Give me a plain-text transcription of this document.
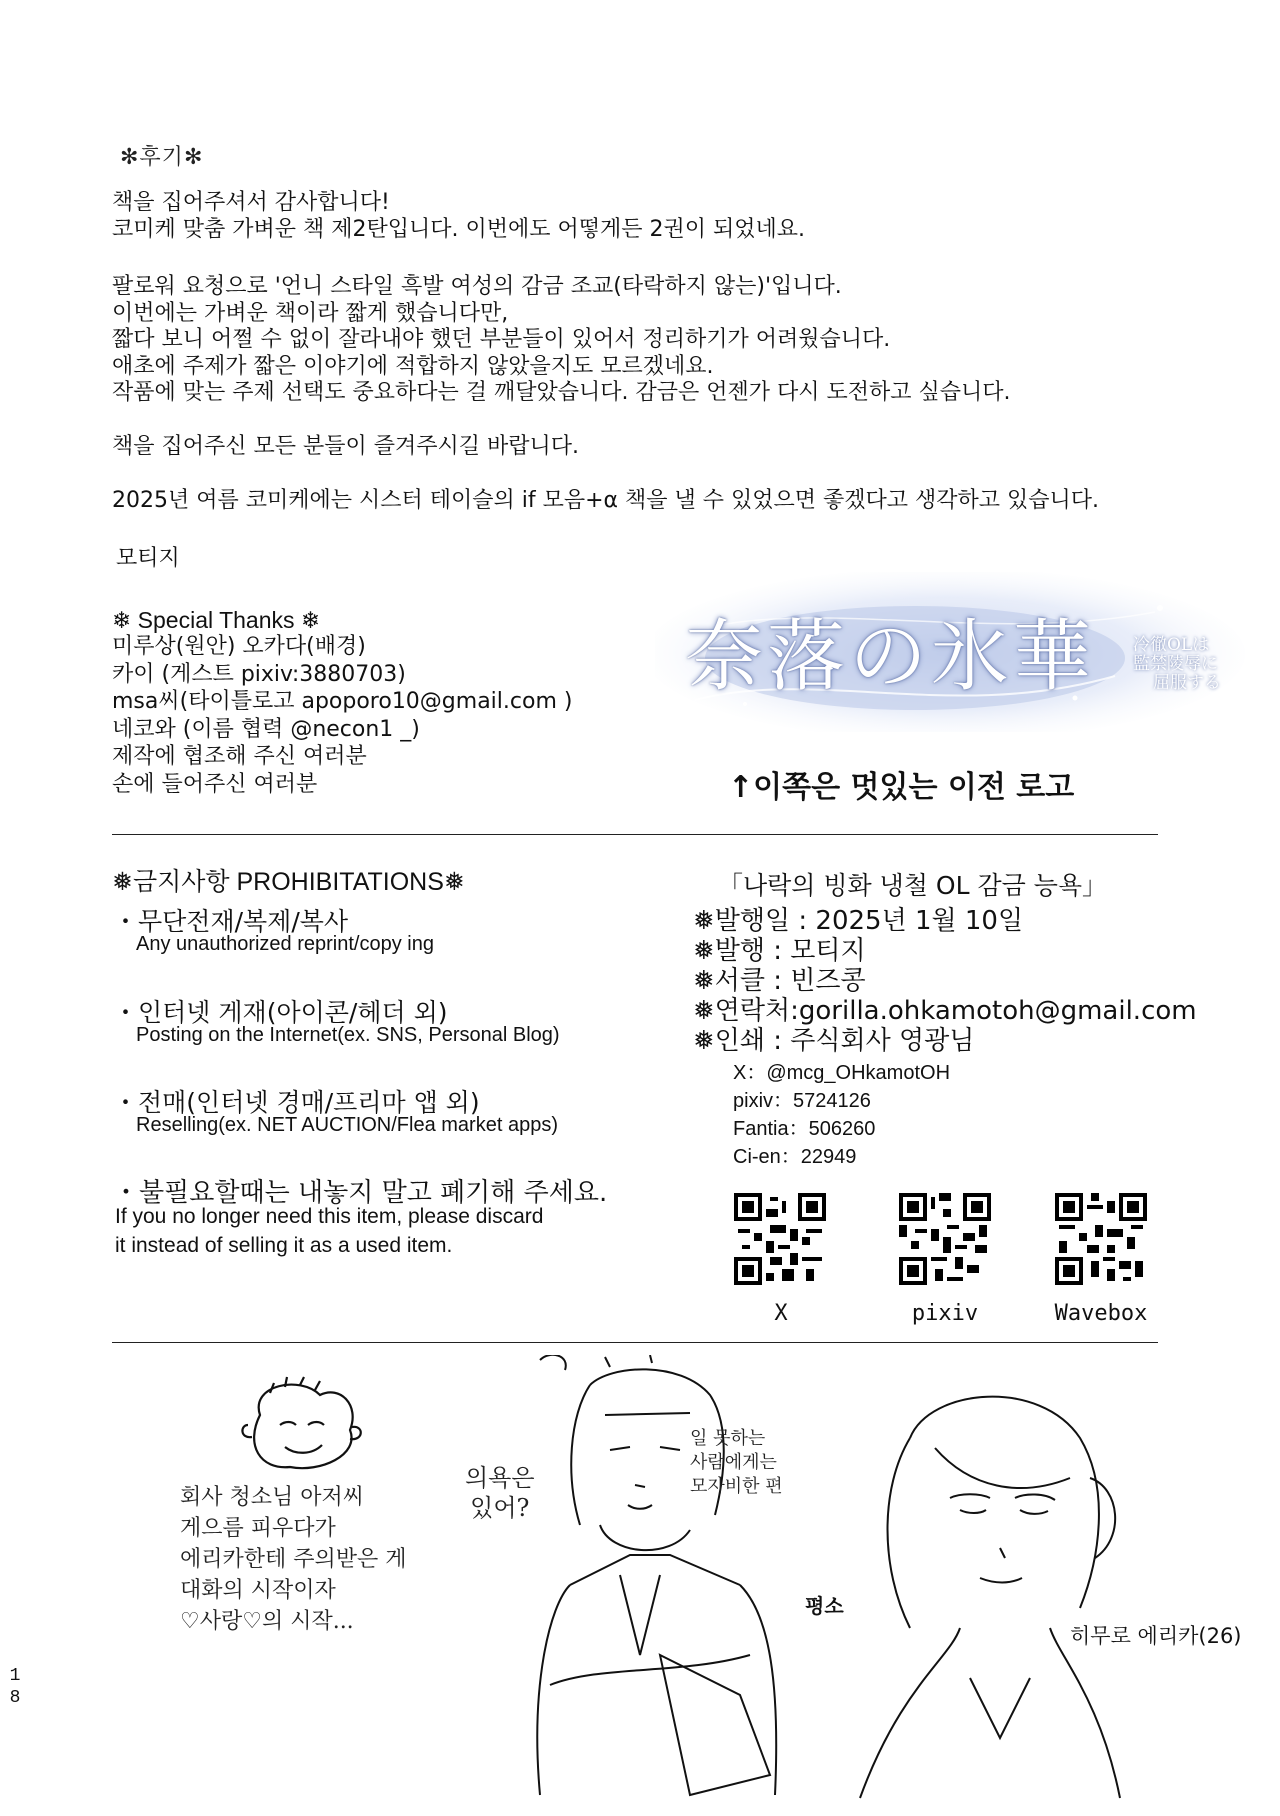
✻후기✻
책을 집어주셔서 감사합니다!
코미케 맞춤 가벼운 책 제2탄입니다. 이번에도 어떻게든 2권이 되었네요.
팔로워 요청으로 '언니 스타일 흑발 여성의 감금 조교(타락하지 않는)'입니다.
이번에는 가벼운 책이라 짧게 했습니다만,
짧다 보니 어쩔 수 없이 잘라내야 했던 부분들이 있어서 정리하기가 어려웠습니다.
애초에 주제가 짧은 이야기에 적합하지 않았을지도 모르겠네요.
작품에 맞는 주제 선택도 중요하다는 걸 깨달았습니다. 감금은 언젠가 다시 도전하고 싶습니다.
책을 집어주신 모든 분들이 즐겨주시길 바랍니다.
2025년 여름 코미케에는 시스터 테이슬의 if 모음+α 책을 낼 수 있었으면 좋겠다고 생각하고 있습니다.
모티지
❄ Special Thanks ❄
미루상(원안) 오카다(배경)
카이 (게스트 pixiv:3880703)
msa씨(타이틀로고 apoporo10@gmail.com )
네코와 (이름 협력 @necon1 _)
제작에 협조해 주신 여러분
손에 들어주신 여러분
奈落の氷華 冷徹OLは
監禁陵辱に
屈服する
↑이쪽은 멋있는 이전 로고
❅금지사항 PROHIBITATIONS❅
・무단전재/복제/복사
Any unauthorized reprint/copy ing
・인터넷 게재(아이콘/헤더 외)
Posting on the Internet(ex. SNS, Personal Blog)
・전매(인터넷 경매/프리마 앱 외)
Reselling(ex. NET AUCTION/Flea market apps)
・불필요할때는 내놓지 말고 폐기해 주세요.
If you no longer need this item, please discard
it instead of selling it as a used item.
「나락의 빙화 냉철 OL 감금 능욕」
❅발행일 : 2025년 1월 10일
❅발행 : 모티지
❅서클 : 빈즈콩
❅연락처:gorilla.ohkamotoh@gmail.com
❅인쇄 : 주식회사 영광님
X：@mcg_OHkamotOH
pixiv：5724126
Fantia：506260
Ci-en：22949
X	pixiv	Wavebox
회사 청소님 아저씨
게으름 피우다가
에리카한테 주의받은 게
대화의 시작이자
♡사랑♡의 시작...
의욕은
있어?
일 못하는
사람에게는
모자비한 편
평소
히무로 에리카(26)
1
8
